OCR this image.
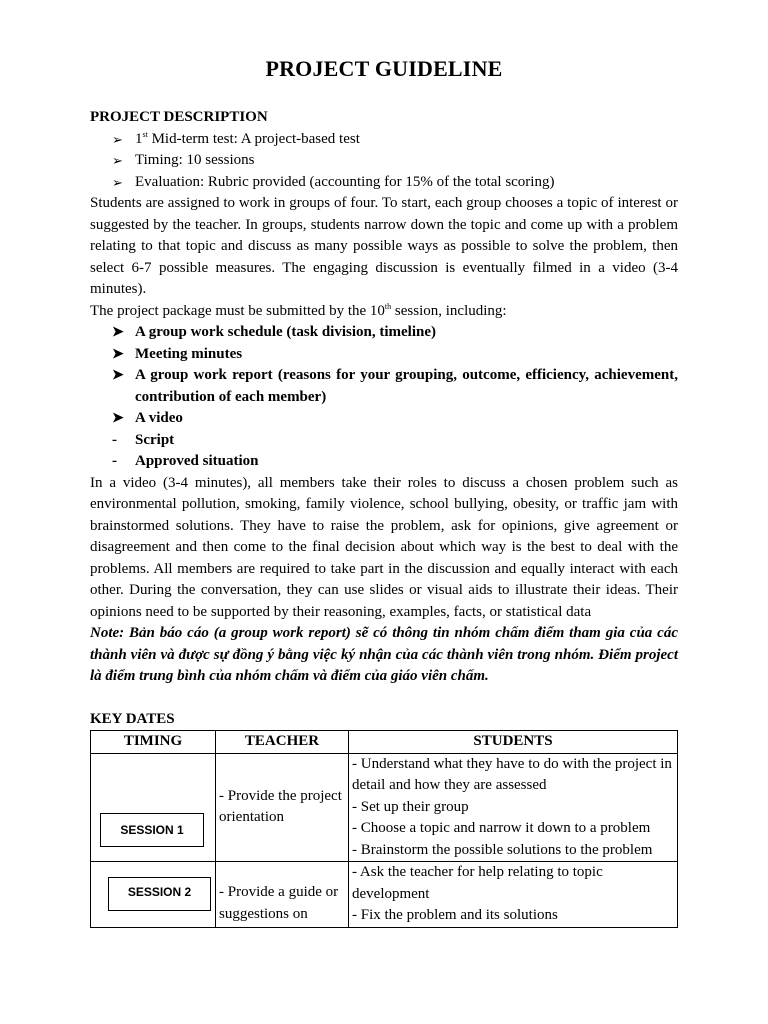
PROJECT GUIDELINE
PROJECT DESCRIPTION
➢ 1st Mid-term test: A project-based test
➢ Timing: 10 sessions
➢ Evaluation: Rubric provided (accounting for 15% of the total scoring)
Students are assigned to work in groups of four. To start, each group chooses a topic of interest or suggested by the teacher. In groups, students narrow down the topic and come up with a problem relating to that topic and discuss as many possible ways as possible to solve the problem, then select 6-7 possible measures. The engaging discussion is eventually filmed in a video (3-4 minutes).
The project package must be submitted by the 10th session, including:
➤ A group work schedule (task division, timeline)
➤ Meeting minutes
➤ A group work report (reasons for your grouping, outcome, efficiency, achievement, contribution of each member)
➤ A video
- Script
- Approved situation
In a video (3-4 minutes), all members take their roles to discuss a chosen problem such as environmental pollution, smoking, family violence, school bullying, obesity, or traffic jam with brainstormed solutions. They have to raise the problem, ask for opinions, give agreement or disagreement and then come to the final decision about which way is the best to deal with the problems. All members are required to take part in the discussion and equally interact with each other. During the conversation, they can use slides or visual aids to illustrate their ideas. Their opinions need to be supported by their reasoning, examples, facts, or statistical data
Note: Bản báo cáo (a group work report) sẽ có thông tin nhóm chấm điểm tham gia của các thành viên và được sự đồng ý bằng việc ký nhận của các thành viên trong nhóm. Điểm project là điểm trung bình của nhóm chấm và điểm của giáo viên chấm.
KEY DATES
TIMING	TEACHER	STUDENTS

SESSION 1	- Provide the project orientation	- Understand what they have to do with the project in detail and how they are assessed
- Set up their group
- Choose a topic and narrow it down to a problem
- Brainstorm the possible solutions to the problem

SESSION 2	- Provide a guide or suggestions on	- Ask the teacher for help relating to topic development
- Fix the problem and its solutions
